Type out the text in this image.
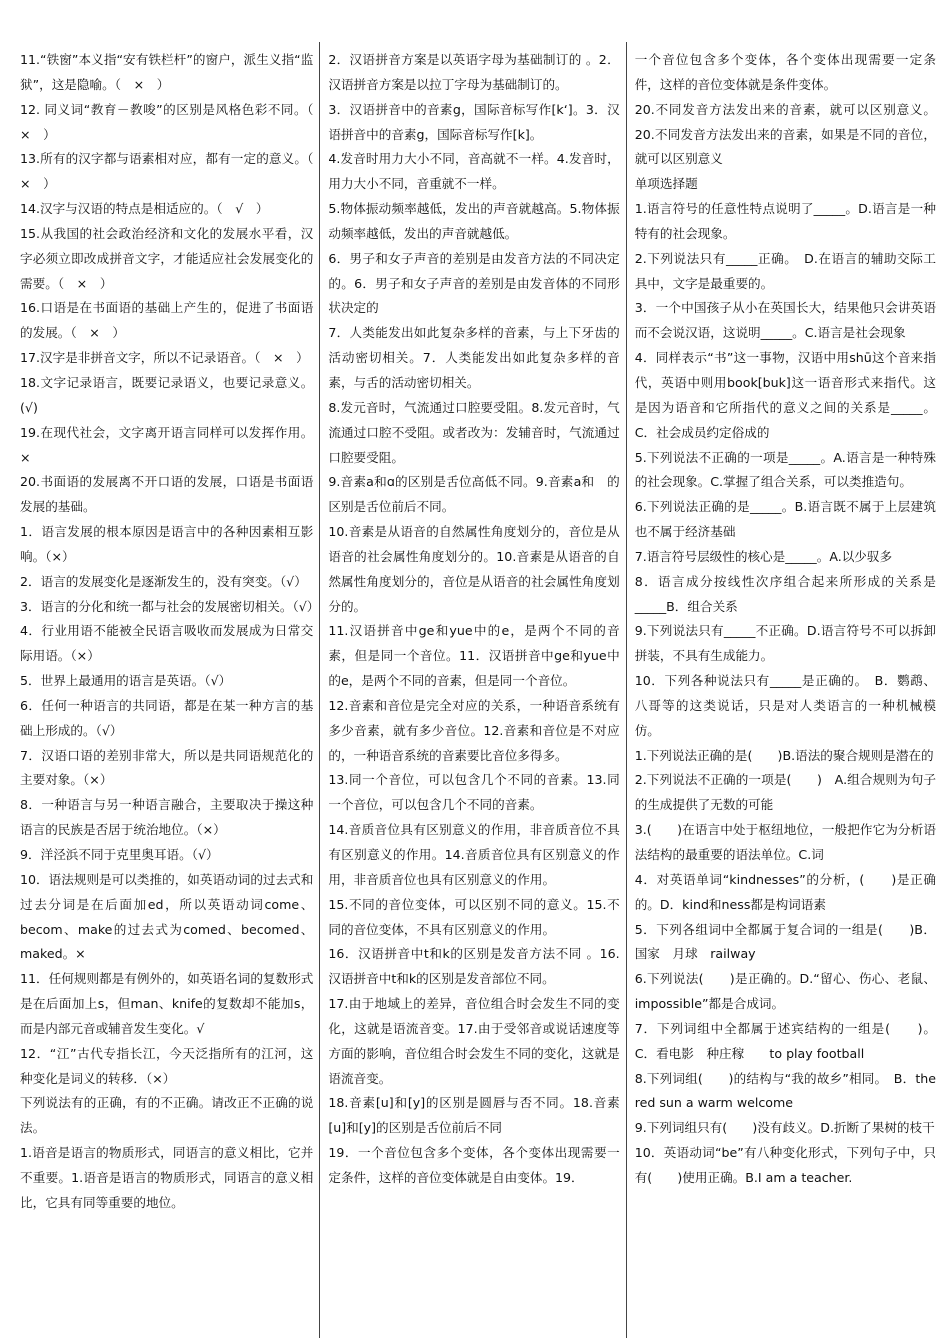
11.“铁窗”本义指“安有铁栏杆”的窗户，派生义指“监狱”，这是隐喻。（　×　）

12. 同义词“教育－教唆”的区别是风格色彩不同。（　×　）

13.所有的汉字都与语素相对应，都有一定的意义。（　×　）

14.汉字与汉语的特点是相适应的。（　√　）

15.从我国的社会政治经济和文化的发展水平看，汉字必须立即改成拼音文字，才能适应社会发展变化的需要。（　×　）

16.口语是在书面语的基础上产生的，促进了书面语的发展。（　×　）

17.汉字是非拼音文字，所以不记录语音。（　×　）

18.文字记录语言，既要记录语义，也要记录意义。(√)

19.在现代社会，文字离开语言同样可以发挥作用。×

20.书面语的发展离不开口语的发展，口语是书面语发展的基础。

1．语言发展的根本原因是语言中的各种因素相互影响。（×）

2．语言的发展变化是逐渐发生的，没有突变。（√）

3．语言的分化和统一都与社会的发展密切相关。（√）

4．行业用语不能被全民语言吸收而发展成为日常交际用语。（×）

5．世界上最通用的语言是英语。（√）

6．任何一种语言的共同语，都是在某一种方言的基础上形成的。（√）

7．汉语口语的差别非常大，所以是共同语规范化的主要对象。（×）

8．一种语言与另一种语言融合，主要取决于操这种语言的民族是否居于统治地位。（×）

9．洋泾浜不同于克里奥耳语。（√）

10．语法规则是可以类推的，如英语动词的过去式和过去分词是在后面加ed，所以英语动词come、becom、make的过去式为comed、becomed、maked。×

11．任何规则都是有例外的，如英语名词的复数形式是在后面加上s，但man、knife的复数却不能加s，而是内部元音或辅音发生变化。√

12．“江”古代专指长江，今天泛指所有的江河，这种变化是词义的转移．（×）

下列说法有的正确，有的不正确。请改正不正确的说法。

1.语音是语言的物质形式，同语言的意义相比，它并不重要。1.语音是语言的物质形式，同语言的意义相比，它具有同等重要的地位。

2．汉语拼音方案是以英语字母为基础制订的 。2．汉语拼音方案是以拉丁字母为基础制订的。

3．汉语拼音中的音素g，国际音标写作[kʻ]。3．汉语拼音中的音素g，国际音标写作[k]。

4.发音时用力大小不同，音高就不一样。4.发音时，用力大小不同，音重就不一样。

5.物体振动频率越低，发出的声音就越高。5.物体振动频率越低，发出的声音就越低。

6．男子和女子声音的差别是由发音方法的不同决定的。6．男子和女子声音的差别是由发音体的不同形状决定的

7．人类能发出如此复杂多样的音素，与上下牙齿的活动密切相关。7．人类能发出如此复杂多样的音素，与舌的活动密切相关。

8.发元音时，气流通过口腔要受阻。8.发元音时，气流通过口腔不受阻。或者改为：发辅音时，气流通过口腔要受阻。

9.音素a和ɑ的区别是舌位高低不同。9.音素a和　的区别是舌位前后不同。

10.音素是从语音的自然属性角度划分的，音位是从语音的社会属性角度划分的。10.音素是从语音的自然属性角度划分的，音位是从语音的社会属性角度划分的。

11.汉语拼音中ge和yue中的e，是两个不同的音素，但是同一个音位。11．汉语拼音中ge和yue中的e，是两个不同的音素，但是同一个音位。

12.音素和音位是完全对应的关系，一种语音系统有多少音素，就有多少音位。12.音素和音位是不对应的，一种语音系统的音素要比音位多得多。

13.同一个音位，可以包含几个不同的音素。13.同一个音位，可以包含几个不同的音素。

14.音质音位具有区别意义的作用，非音质音位不具有区别意义的作用。14.音质音位具有区别意义的作用，非音质音位也具有区别意义的作用。

15.不同的音位变体，可以区别不同的意义。15.不同的音位变体，不具有区别意义的作用。

16．汉语拼音中t和k的区别是发音方法不同 。16.汉语拼音中t和k的区别是发音部位不同。

17.由于地域上的差异，音位组合时会发生不同的变化，这就是语流音变。17.由于受邻音或说话速度等方面的影响，音位组合时会发生不同的变化，这就是语流音变。

18.音素[u]和[y]的区别是圆唇与否不同。18.音素[u]和[y]的区别是舌位前后不同

19．一个音位包含多个变体，各个变体出现需要一定条件，这样的音位变体就是自由变体。19．

一个音位包含多个变体，各个变体出现需要一定条件，这样的音位变体就是条件变体。

20.不同发音方法发出来的音素，就可以区别意义。20.不同发音方法发出来的音素，如果是不同的音位，就可以区别意义

单项选择题

1.语言符号的任意性特点说明了_____。D.语言是一种特有的社会现象。

2.下列说法只有_____正确。　D.在语言的辅助交际工具中，文字是最重要的。

3．一个中国孩子从小在英国长大，结果他只会讲英语而不会说汉语，这说明_____。C.语言是社会现象

4．同样表示“书”这一事物，汉语中用shū这个音来指代，英语中则用book[buk]这一语音形式来指代。这是因为语音和它所指代的意义之间的关系是_____。C．社会成员约定俗成的

5.下列说法不正确的一项是_____。A.语言是一种特殊的社会现象。C.掌握了组合关系，可以类推造句。

6.下列说法正确的是_____。B.语言既不属于上层建筑也不属于经济基础

7.语言符号层级性的核心是_____。A.以少驭多

8．语言成分按线性次序组合起来所形成的关系是_____B．组合关系

9.下列说法只有_____不正确。D.语言符号不可以拆卸拼装，不具有生成能力。

10．下列各种说法只有_____是正确的。　B．鹦鹉、八哥等的这类说话，只是对人类语言的一种机械模仿。

1.下列说法正确的是(　　)B.语法的聚合规则是潜在的

2.下列说法不正确的一项是(　　)　A.组合规则为句子的生成提供了无数的可能

3.(　　)在语言中处于枢纽地位，一般把作它为分析语法结构的最重要的语法单位。C.词

4．对英语单词“kindnesses”的分析，(　　)是正确的。D．kind和ness都是构词语素

5．下列各组词中全都属于复合词的一组是(　　)B．国家　月球　railway

6.下列说法(　　)是正确的。D.“留心、伤心、老鼠、impossible”都是合成词。

7．下列词组中全都属于述宾结构的一组是(　　)。C．看电影　种庄稼　　to play football

8.下列词组(　　)的结构与“我的故乡”相同。　B．the red sun a warm welcome

9.下列词组只有(　　)没有歧义。D.折断了果树的枝干

10．英语动词“be”有八种变化形式，下列句子中，只有(　　)使用正确。B.I am a teacher.
